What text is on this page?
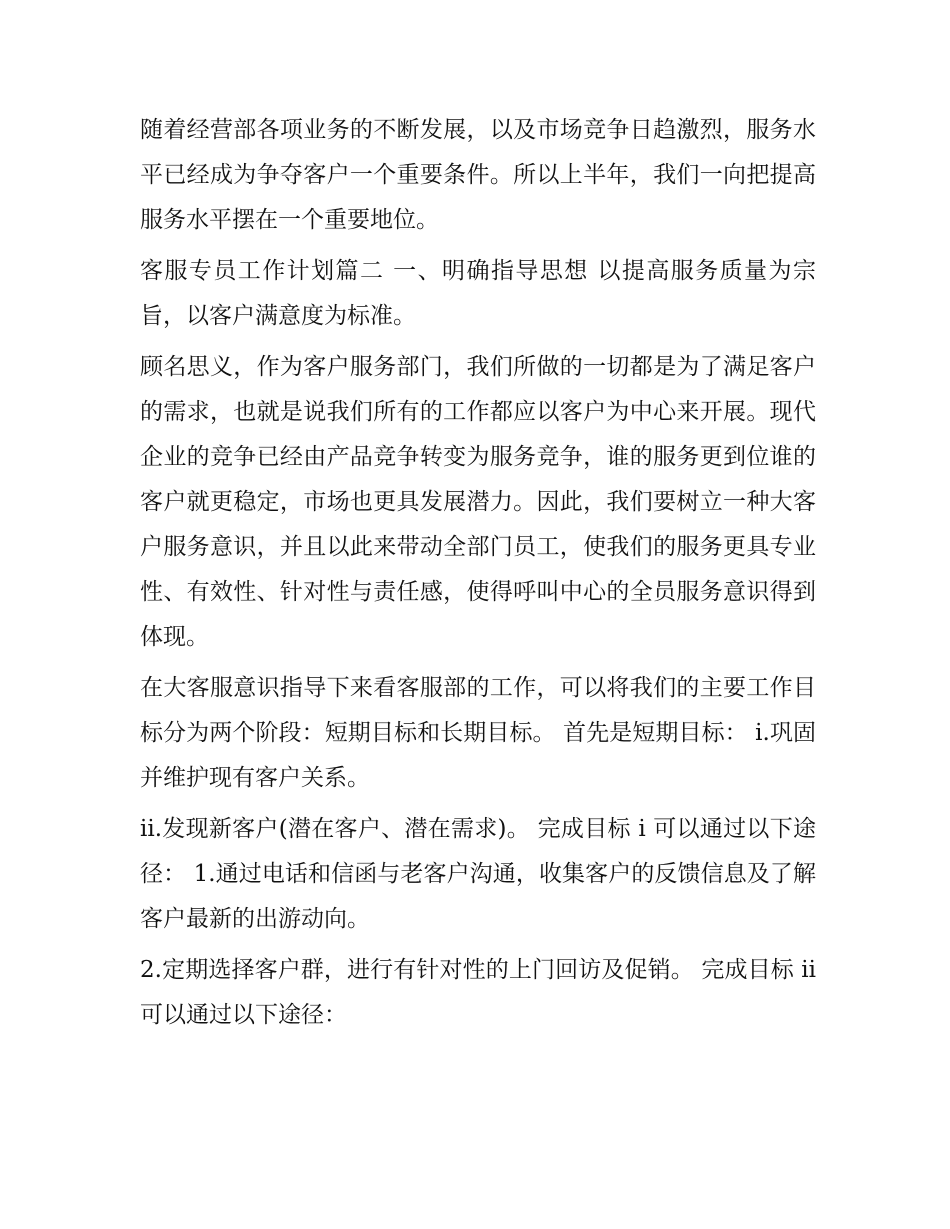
随着经营部各项业务的不断发展，以及市场竞争日趋激烈，服务水平已经成为争夺客户一个重要条件。所以上半年，我们一向把提高服务水平摆在一个重要地位。

客服专员工作计划篇二 一、明确指导思想 以提高服务质量为宗旨，以客户满意度为标准。

顾名思义，作为客户服务部门，我们所做的一切都是为了满足客户的需求，也就是说我们所有的工作都应以客户为中心来开展。现代企业的竞争已经由产品竞争转变为服务竞争，谁的服务更到位谁的客户就更稳定，市场也更具发展潜力。因此，我们要树立一种大客户服务意识，并且以此来带动全部门员工，使我们的服务更具专业性、有效性、针对性与责任感，使得呼叫中心的全员服务意识得到体现。

在大客服意识指导下来看客服部的工作，可以将我们的主要工作目标分为两个阶段：短期目标和长期目标。 首先是短期目标： i.巩固并维护现有客户关系。

ii.发现新客户(潜在客户、潜在需求)。 完成目标 i 可以通过以下途径： 1.通过电话和信函与老客户沟通，收集客户的反馈信息及了解客户最新的出游动向。

2.定期选择客户群，进行有针对性的上门回访及促销。 完成目标 ii 可以通过以下途径：
